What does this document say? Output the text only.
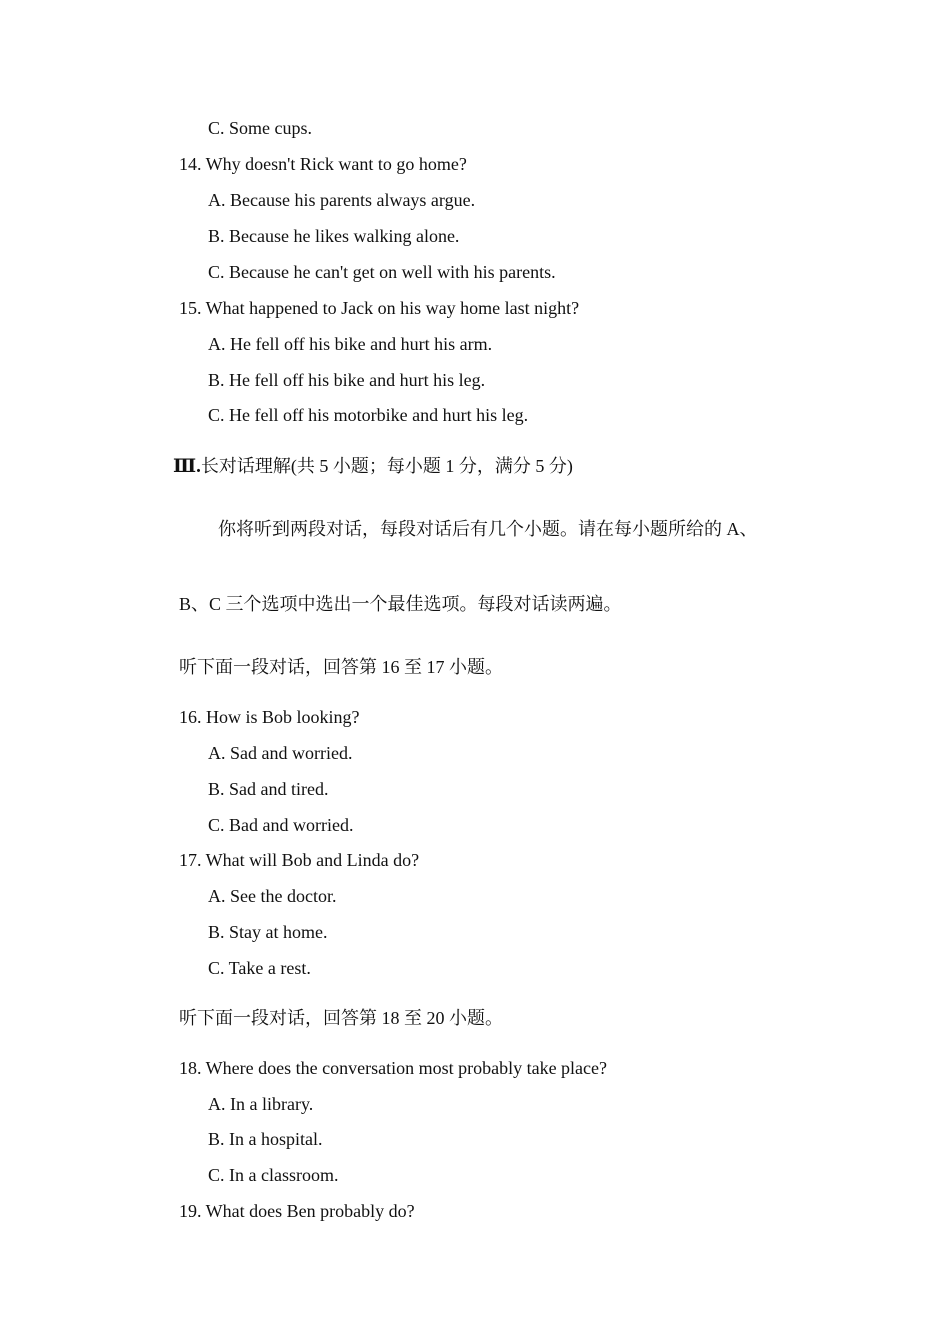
C. Some cups.
14. Why doesn't Rick want to go home?
A. Because his parents always argue.
B. Because he likes walking alone.
C. Because he can't get on well with his parents.
15. What happened to Jack on his way home last night?
A. He fell off his bike and hurt his arm.
B. He fell off his bike and hurt his leg.
C. He fell off his motorbike and hurt his leg.
Ⅲ.长对话理解(共 5 小题；每小题 1 分，满分 5 分)
你将听到两段对话，每段对话后有几个小题。请在每小题所给的 A、
B、C 三个选项中选出一个最佳选项。每段对话读两遍。
听下面一段对话，回答第 16 至 17 小题。
16. How is Bob looking?
A. Sad and worried.
B. Sad and tired.
C. Bad and worried.
17. What will Bob and Linda do?
A. See the doctor.
B. Stay at home.
C. Take a rest.
听下面一段对话，回答第 18 至 20 小题。
18. Where does the conversation most probably take place?
A. In a library.
B. In a hospital.
C. In a classroom.
19. What does Ben probably do?
